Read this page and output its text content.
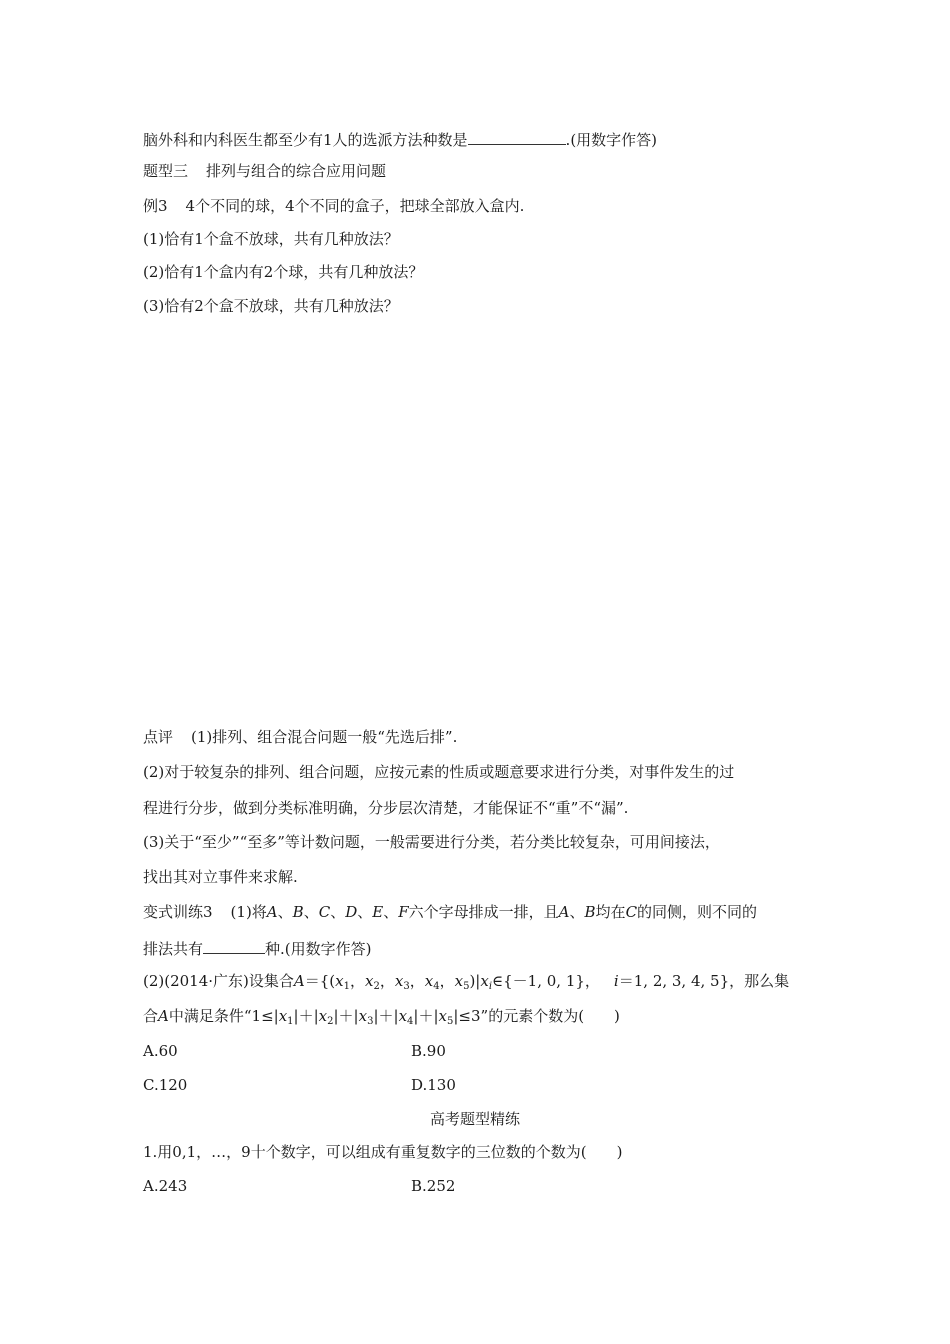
脑外科和内科医生都至少有1人的选派方法种数是	.(用数字作答)
题型三 排列与组合的综合应用问题
例3 4个不同的球，4个不同的盒子，把球全部放入盒内.
(1)恰有1个盒不放球，共有几种放法？
(2)恰有1个盒内有2个球，共有几种放法？
(3)恰有2个盒不放球，共有几种放法？
点评 (1)排列、组合混合问题一般“先选后排”.
(2)对于较复杂的排列、组合问题，应按元素的性质或题意要求进行分类，对事件发生的过
程进行分步，做到分类标准明确，分步层次清楚，才能保证不“重”不“漏”.
(3)关于“至少”“至多”等计数问题，一般需要进行分类，若分类比较复杂，可用间接法，
找出其对立事件来求解.
变式训练3 (1)将A、B、C、D、E、F六个字母排成一排，且A、B均在C的同侧，则不同的
排法共有	种.(用数字作答)
(2)(2014·广东)设集合$A=\{(x_1$，$x_2$，$x_3$，$x_4$，$x_5)|x_i\in\{-1$, 0, 1}， i＝1, 2, 3, 4, 5}，那么集
合A中满足条件“$1\le|x_1|+|x_2|+|x_3|+|x_4|+|x_5|\le 3$”的元素个数为(　　)
A.60	B.90
C.120	D.130
高考题型精练
1.用0,1，…，9十个数字，可以组成有重复数字的三位数的个数为(　　)
A.243	B.252
